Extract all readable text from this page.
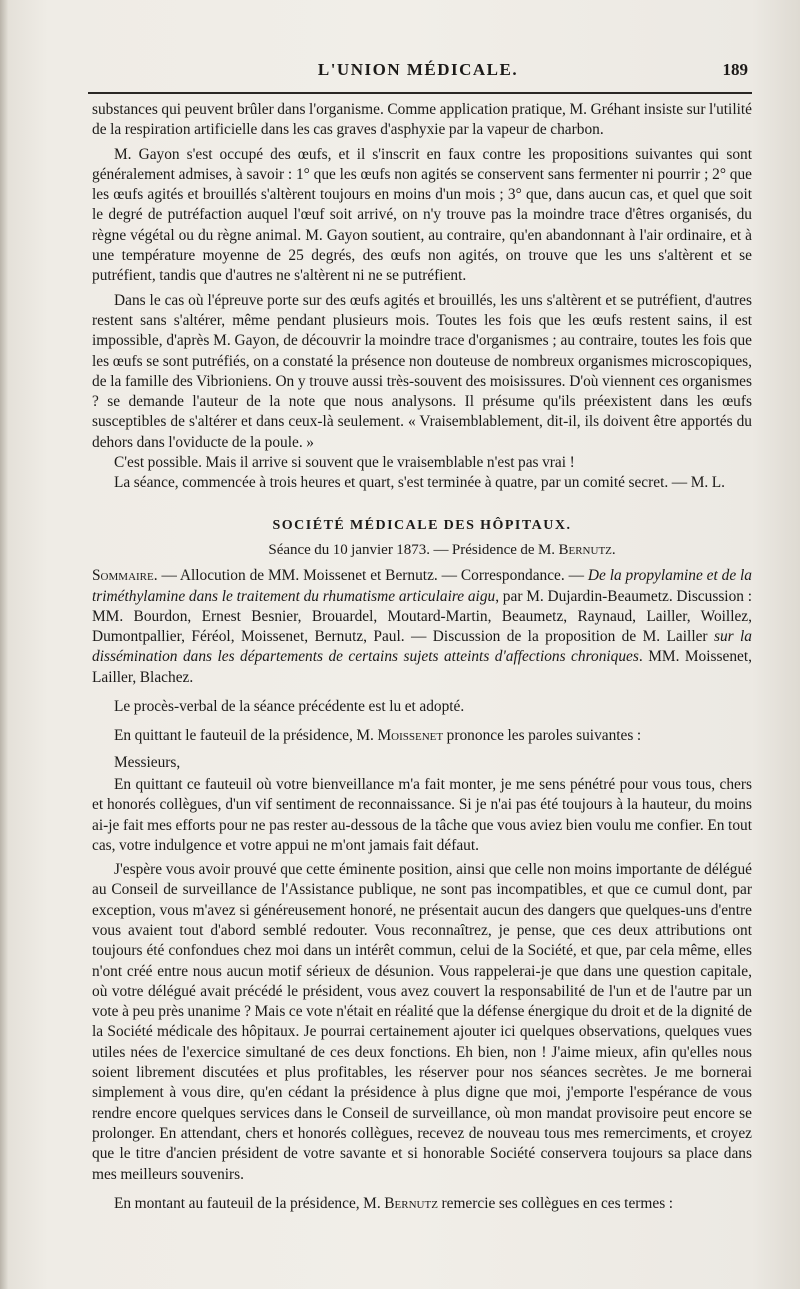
L'UNION MÉDICALE.	189

substances qui peuvent brûler dans l'organisme. Comme application pratique, M. Gréhant insiste sur l'utilité de la respiration artificielle dans les cas graves d'asphyxie par la vapeur de charbon.

M. Gayon s'est occupé des œufs, et il s'inscrit en faux contre les propositions suivantes qui sont généralement admises, à savoir : 1° que les œufs non agités se conservent sans fermenter ni pourrir ; 2° que les œufs agités et brouillés s'altèrent toujours en moins d'un mois ; 3° que, dans aucun cas, et quel que soit le degré de putréfaction auquel l'œuf soit arrivé, on n'y trouve pas la moindre trace d'êtres organisés, du règne végétal ou du règne animal. M. Gayon soutient, au contraire, qu'en abandonnant à l'air ordinaire, et à une température moyenne de 25 degrés, des œufs non agités, on trouve que les uns s'altèrent et se putréfient, tandis que d'autres ne s'altèrent ni ne se putréfient.

Dans le cas où l'épreuve porte sur des œufs agités et brouillés, les uns s'altèrent et se putréfient, d'autres restent sans s'altérer, même pendant plusieurs mois. Toutes les fois que les œufs restent sains, il est impossible, d'après M. Gayon, de découvrir la moindre trace d'organismes ; au contraire, toutes les fois que les œufs se sont putréfiés, on a constaté la présence non douteuse de nombreux organismes microscopiques, de la famille des Vibrioniens. On y trouve aussi très-souvent des moisissures. D'où viennent ces organismes ? se demande l'auteur de la note que nous analysons. Il présume qu'ils préexistent dans les œufs susceptibles de s'altérer et dans ceux-là seulement. « Vraisemblablement, dit-il, ils doivent être apportés du dehors dans l'oviducte de la poule. »

C'est possible. Mais il arrive si souvent que le vraisemblable n'est pas vrai !

La séance, commencée à trois heures et quart, s'est terminée à quatre, par un comité secret. — M. L.

SOCIÉTÉ MÉDICALE DES HÔPITAUX.
Séance du 10 janvier 1873. — Présidence de M. Bernutz.

Sommaire. — Allocution de MM. Moissenet et Bernutz. — Correspondance. — De la propylamine et de la triméthylamine dans le traitement du rhumatisme articulaire aigu, par M. Dujardin-Beaumetz. Discussion : MM. Bourdon, Ernest Besnier, Brouardel, Moutard-Martin, Beaumetz, Raynaud, Lailler, Woillez, Dumontpallier, Féréol, Moissenet, Bernutz, Paul. — Discussion de la proposition de M. Lailler sur la dissémination dans les départements de certains sujets atteints d'affections chroniques. MM. Moissenet, Lailler, Blachez.

Le procès-verbal de la séance précédente est lu et adopté.

En quittant le fauteuil de la présidence, M. Moissenet prononce les paroles suivantes :

Messieurs,

En quittant ce fauteuil où votre bienveillance m'a fait monter, je me sens pénétré pour vous tous, chers et honorés collègues, d'un vif sentiment de reconnaissance. Si je n'ai pas été toujours à la hauteur, du moins ai-je fait mes efforts pour ne pas rester au-dessous de la tâche que vous aviez bien voulu me confier. En tout cas, votre indulgence et votre appui ne m'ont jamais fait défaut.

J'espère vous avoir prouvé que cette éminente position, ainsi que celle non moins importante de délégué au Conseil de surveillance de l'Assistance publique, ne sont pas incompatibles, et que ce cumul dont, par exception, vous m'avez si généreusement honoré, ne présentait aucun des dangers que quelques-uns d'entre vous avaient tout d'abord semblé redouter. Vous reconnaîtrez, je pense, que ces deux attributions ont toujours été confondues chez moi dans un intérêt commun, celui de la Société, et que, par cela même, elles n'ont créé entre nous aucun motif sérieux de désunion. Vous rappelerai-je que dans une question capitale, où votre délégué avait précédé le président, vous avez couvert la responsabilité de l'un et de l'autre par un vote à peu près unanime ? Mais ce vote n'était en réalité que la défense énergique du droit et de la dignité de la Société médicale des hôpitaux. Je pourrai certainement ajouter ici quelques observations, quelques vues utiles nées de l'exercice simultané de ces deux fonctions. Eh bien, non ! J'aime mieux, afin qu'elles nous soient librement discutées et plus profitables, les réserver pour nos séances secrètes. Je me bornerai simplement à vous dire, qu'en cédant la présidence à plus digne que moi, j'emporte l'espérance de vous rendre encore quelques services dans le Conseil de surveillance, où mon mandat provisoire peut encore se prolonger. En attendant, chers et honorés collègues, recevez de nouveau tous mes remerciments, et croyez que le titre d'ancien président de votre savante et si honorable Société conservera toujours sa place dans mes meilleurs souvenirs.

En montant au fauteuil de la présidence, M. Bernutz remercie ses collègues en ces termes :
